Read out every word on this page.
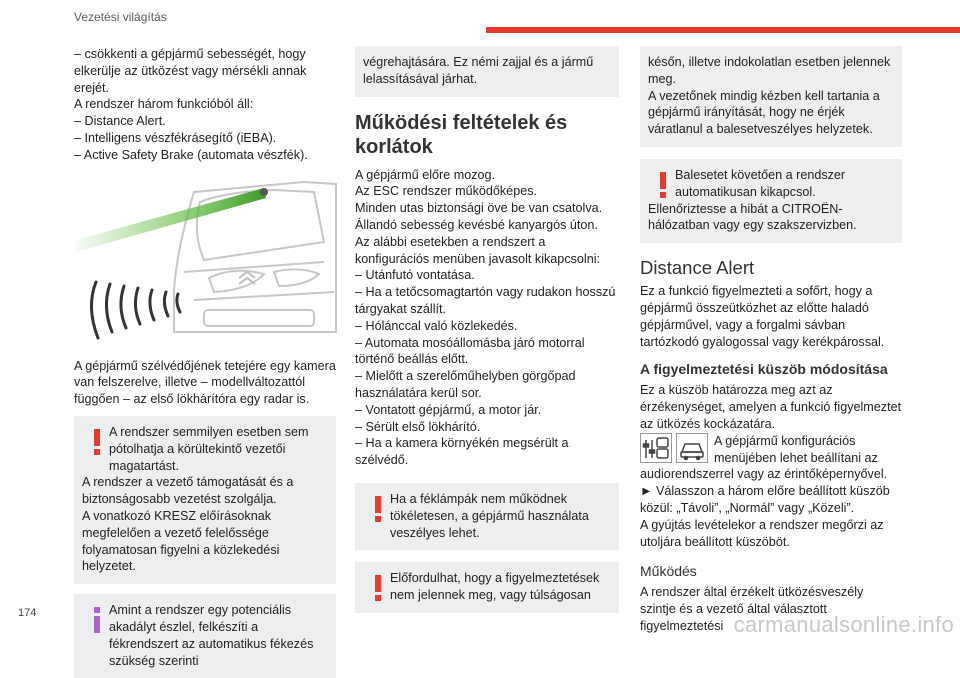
Vezetési világítás

– csökkenti a gépjármű sebességét, hogy elkerülje az ütközést vagy mérsékli annak erejét.
A rendszer három funkcióból áll:
– Distance Alert.
– Intelligens vészfékrásegítő (iEBA).
– Active Safety Brake (automata vészfék).

A gépjármű szélvédőjének tetejére egy kamera van felszerelve, illetve – modellváltozattól függően – az első lökhárítóra egy radar is.

A rendszer semmilyen esetben sem pótolhatja a körültekintő vezetői magatartást.

A rendszer a vezető támogatását és a biztonságosabb vezetést szolgálja.
A vonatkozó KRESZ előírásoknak megfelelően a vezető felelőssége folyamatosan figyelni a közlekedési helyzetet.

Amint a rendszer egy potenciális akadályt észlel, felkészíti a fékrendszert az automatikus fékezés szükség szerinti

végrehajtására. Ez némi zajjal és a jármű lelassításával járhat.

Működési feltételek és korlátok

A gépjármű előre mozog.
Az ESC rendszer működőképes.
Minden utas biztonsági öve be van csatolva.
Állandó sebesség kevésbé kanyargós úton.
Az alábbi esetekben a rendszert a konfigurációs menüben javasolt kikapcsolni:
– Utánfutó vontatása.
– Ha a tetőcsomagtartón vagy rudakon hosszú tárgyakat szállít.
– Hólánccal való közlekedés.
– Automata mosóállomásba járó motorral történő beállás előtt.
– Mielőtt a szerelőműhelyben görgőpad használatára kerül sor.
– Vontatott gépjármű, a motor jár.
– Sérült első lökhárító.
– Ha a kamera környékén megsérült a szélvédő.

Ha a féklámpák nem működnek tökéletesen, a gépjármű használata veszélyes lehet.

Előfordulhat, hogy a figyelmeztetések nem jelennek meg, vagy túlságosan

későn, illetve indokolatlan esetben jelennek meg.
A vezetőnek mindig kézben kell tartania a gépjármű irányítását, hogy ne érjék váratlanul a balesetveszélyes helyzetek.

Balesetet követően a rendszer automatikusan kikapcsol.

Ellenőriztesse a hibát a CITROËN-hálózatban vagy egy szakszervizben.

Distance Alert

Ez a funkció figyelmezteti a sofőrt, hogy a gépjármű összeütközhet az előtte haladó gépjárművel, vagy a forgalmi sávban tartózkodó gyalogossal vagy kerékpárossal.

A figyelmeztetési küszöb módosítása

Ez a küszöb határozza meg azt az érzékenységet, amelyen a funkció figyelmeztet az ütközés kockázatára.

A gépjármű konfigurációs menüjében lehet beállítani az audiorendszerrel vagy az érintőképernyővel.

► Válasszon a három előre beállított küszöb közül: „Távoli”, „Normál” vagy „Közeli”.

A gyújtás levételekor a rendszer megőrzi az utoljára beállított küszöböt.

Működés

A rendszer által érzékelt ütközésveszély szintje és a vezető által választott figyelmeztetési

174	carmanualsonline.info
